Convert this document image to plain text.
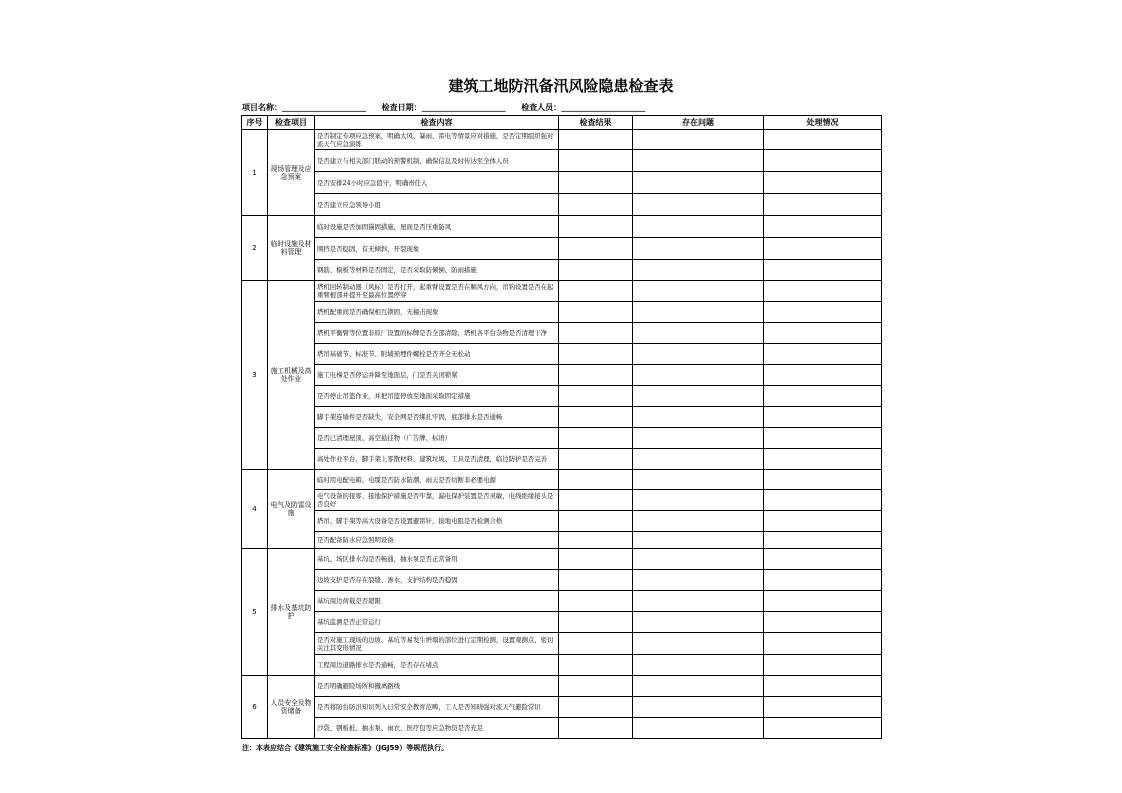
建筑工地防汛备汛风险隐患检查表
项目名称：_____________________ 检查日期：_____________________ 检查人员：_____________________
序号	检查项目	检查内容	检查结果	存在问题	处理情况
1	现场管理及应急预案	是否制定专项应急预案，明确大风、暴雨、雷电等情景应对措施，是否定期组织强对流天气应急演练			
		是否建立与相关部门联动的预警机制，确保信息及时传达至全体人员			
		是否安排24小时应急值守，明确责任人			
		是否建立应急领导小组			
2	临时设施及材料管理	临时设施是否加固锚固措施，屋面是否压重防风			
		围挡是否稳固，有无倾斜、开裂现象			
		钢筋、模板等材料是否固定，是否采取防倾倒、防雨措施			
3	施工机械及高处作业	塔机回转制动器（风标）是否打开，起重臂设置是否在顺风方向，吊钩设置是否在起重臂根部并提升至最高位置停穿			
		塔机配重间是否确保相互锁固，无撞击现象			
		塔机平衡臂等位置非原厂设置的标牌是否全部清除，塔机各平台杂物是否清理干净			
		塔吊基础节、标准节、附墙预埋件螺栓是否齐全无松动			
		施工电梯是否停运并降至地面层，门是否关闭锁紧			
		是否停止吊篮作业，并把吊篮停放至地面采取固定措施			
		脚手架连墙件是否缺失，安全网是否绑扎牢固，底部排水是否通畅			
		是否已清理屋顶、高空悬挂物（广告牌、标语）			
		高处作业平台、脚手架上零散材料、建筑垃圾、工具是否清理，临边防护是否完善			
4	电气及防雷设施	临时用电配电箱、电缆是否防水防潮，雨天是否切断非必要电源			
		电气设备的接零、接地保护措施是否牢靠，漏电保护装置是否灵敏，电线绝缘接头是否良好			
		塔吊、脚手架等高大设备是否设置避雷针，接地电阻是否检测合格			
		是否配备防水应急照明设备			
5	排水及基坑防护	基坑、场区排水沟是否畅通，抽水泵是否正常备用			
		边坡支护是否存在裂缝、渗水，支护结构是否稳固			
		基坑周边荷载是否超限			
		基坑监测是否正常运行			
		是否对施工现场的边坡、基坑等易发生坍塌的部位进行定期检测，设置观测点，密切关注其变形情况			
		工程周边道路排水是否通畅，是否存在堵点			
6	人员安全及物资储备	是否明确避险场所和撤离路线			
		是否将防台防汛知识列入日常安全教育范畴，工人是否知晓强对流天气避险常识			
		沙袋、钢板桩、抽水泵、雨衣、医疗包等应急物资是否充足			
注：本表应结合《建筑施工安全检查标准》（JGJ59）等规范执行。
